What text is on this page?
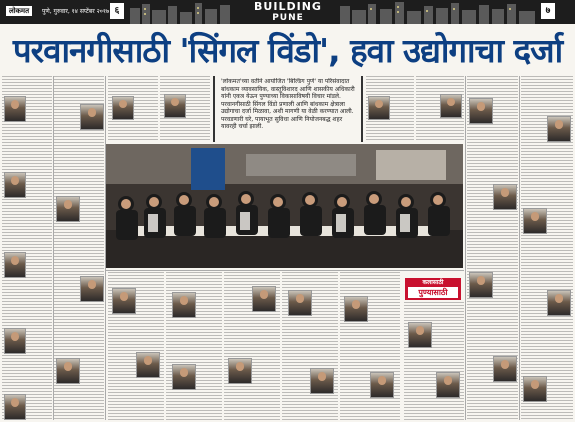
लोकमत	पुणे, गुरुवार, १४ सप्टेंबर २०१७ ६	BUILDING
PUNE
७
परवानगीसाठी 'सिंगल विंडो', हवा उद्योगाचा दर्जा

'लोकमत'च्या वतीने आयोजित 'बिल्डिंग पुणे' या परिसंवादात बांधकाम व्यावसायिक, वास्तुविशारद आणि शासकीय अधिकारी यांनी एकत्र येऊन पुण्याच्या विकासाविषयी विचार मांडले. परवानगीसाठी सिंगल विंडो प्रणाली आणि बांधकाम क्षेत्राला उद्योगाचा दर्जा मिळावा, अशी मागणी या वेळी करण्यात आली. परवडणारी घरे, पायाभूत सुविधा आणि नियोजनबद्ध शहर यावरही चर्चा झाली.

कलासाठी
पुण्यासाठी
